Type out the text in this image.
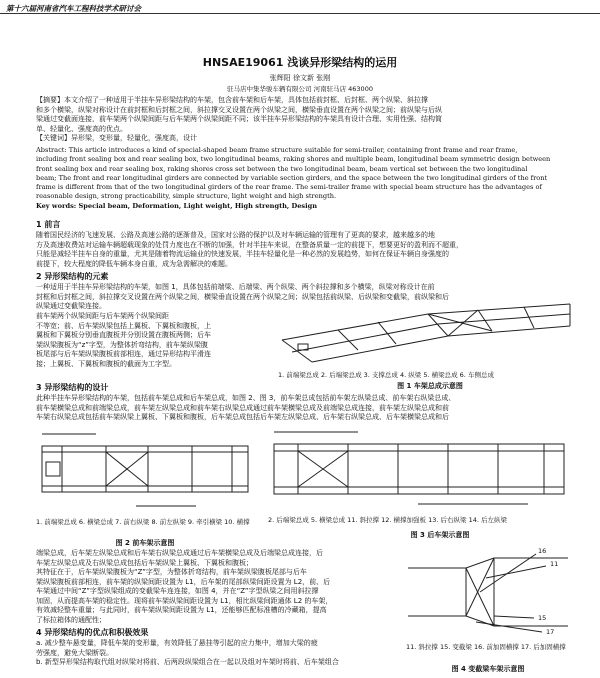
第十六届河南省汽车工程科技学术研讨会
HNSAE19061 浅谈异形梁结构的运用
张辉阳 徐文新 张刚
驻马店中集华骏车辆有限公司 河南驻马店 463000
【摘要】本文介绍了一种适用于半挂车异形梁结构的车架，包含前车架和后车架，具体包括前封框、后封框、两个纵梁、斜拉撑
和多个横梁，纵梁对称设计在前封框和后封框之间，斜拉撑交叉设置在两个纵梁之间，横梁垂直设置在两个纵梁之间；前纵梁与后纵
梁通过变截面连接，前车架两个纵梁间距与后车架两个纵梁间距不同；该半挂车异形梁结构的车架具有设计合理、实用性强、结构简
单、轻量化、强度高的优点。
【关键词】异形梁，变形量，轻量化，强度高，设计
Abstract: This article introduces a kind of special-shaped beam frame structure suitable for semi-trailer, containing front frame and rear frame,
including front sealing box and rear sealing box, two longitudinal beams, raking shores and multiple beam, longitudinal beam symmetric design between
front sealing box and rear sealing box, raking shores cross set between the two longitudinal beam, beam vertical set between the two longitudinal
beam; The front and rear longitudinal girders are connected by variable section girders, and the space between the two longitudinal girders of the front
frame is different from that of the two longitudinal girders of the rear frame. The semi-trailer frame with special beam structure has the advantages of
reasonable design, strong practicability, simple structure, light weight and high strength.
Key words: Special beam, Deformation, Light weight, High strength, Design
1 前言
随着国民经济的飞速发展、公路及高速公路的逐渐普及，国家对公路的保护以及对车辆运输的管理有了更高的要求，越来越多的地
方及高速收费站对运输车辆超载现象的处罚力度也在不断的加强，针对半挂车来说，在整备质量一定的前提下，想要更好的盈利而不超重，
只能是减轻半挂车自身的重量，尤其是随着物流运输业的快速发展，半挂车轻量化是一种必然的发展趋势，如何在保证车辆自身强度的
前提下，较大程度的降低车辆本身自重，成为急需解决的难题。
2 异形梁结构的元素
一种适用于半挂车异形梁结构的车架，如图 1，具体包括前端梁、后端梁、两个纵梁、两个斜拉撑和多个横梁，纵梁对称设计在前
封框和后封框之间，斜拉撑交叉设置在两个纵梁之间，横梁垂直设置在两个纵梁之间；纵梁包括前纵梁、后纵梁和变截梁，前纵梁和后
纵梁通过变截梁连接。
前车架两个纵梁间距与后车架两个纵梁间距
不等宽；前、后车架纵梁包括上翼板、下翼板和腹板，上
翼板和下翼板分别垂直腹板并分别设置在腹板两侧；后车
架纵梁腹板为“z”字型，为整体折弯结构，前车架纵梁腹
板尾部与后车架纵梁腹板前部相连，通过异形结构平滑连
接；上翼板、下翼板和腹板的截面为工字型。
1. 前端梁总成 2. 后端梁总成 3. 支撑总成 4. 纵梁 5. 横梁总成 6. 车侧总成
图 1 车架总成示意图
3 异形梁结构的设计
此种半挂车异形梁结构的车架，包括前车架总成和后车架总成，如图 2、图 3，前车架总成包括前车架左纵梁总成、前车架右纵梁总成、
前车架横梁总成和前端梁总成，前车架左纵梁总成和前车架右纵梁总成通过前车架横梁总成及前端梁总成连接，前车架左纵梁总成和前
车架右纵梁总成包括前车架纵梁上翼板、下翼板和腹板，后车架总成包括后车架左纵梁总成、后车架右纵梁总成、后车架横梁总成和后
1. 前端梁总成 6. 横梁总成 7. 前右纵梁 8. 前左纵梁 9. 牵引横梁 10. 横撑
图 2 前车架示意图
2. 后端梁总成 5. 横梁总成 11. 斜拉撑 12. 横撑加强板 13. 后右纵梁 14. 后左纵梁
图 3 后车架示意图
端梁总成，后车架左纵梁总成和后车架右纵梁总成通过后车架横梁总成及后端梁总成连接，后
车架左纵梁总成及右纵梁总成包括后车架纵梁上翼板、下翼板和腹板；
其特征在于，后车架纵梁腹板为“Z”字型，为整体折弯结构，前车架纵梁腹板尾部与后车
架纵梁腹板前部相连，前车架的纵梁间距设置为 L1，后车架的尾部纵梁间距设置为 L2，前、后
车架通过中间“Z”字型纵梁组成的变截梁车连连接，如图 4，并在“Z”字型纵梁之间用斜拉撑
加固，从而提高车架的稳定性。现将前车架纵梁间距设置为 L1，相比纵梁间距通体 L2 的车架，
有效减轻整车重量；与此同时，前车架纵梁间距设置为 L1，还能够匹配标准槽的冷藏箱，提高
了标拉箱体的通配性；
4 异形梁结构的优点和积极效果
a. 减少整车悬变量，降低车架的变形量，有效降低了悬挂等引起的应力集中，增加大梁的疲
劳强度，避免大梁断裂。
b. 新型异形梁结构取代组对纵梁对将前、后两段纵梁组合在一起以及组对车架时将前、后车架组合
16
11
15
17
11. 斜拉撑 15. 变截梁 16. 前加固横撑 17. 后加固横撑
图 4 变截梁车架示意图
